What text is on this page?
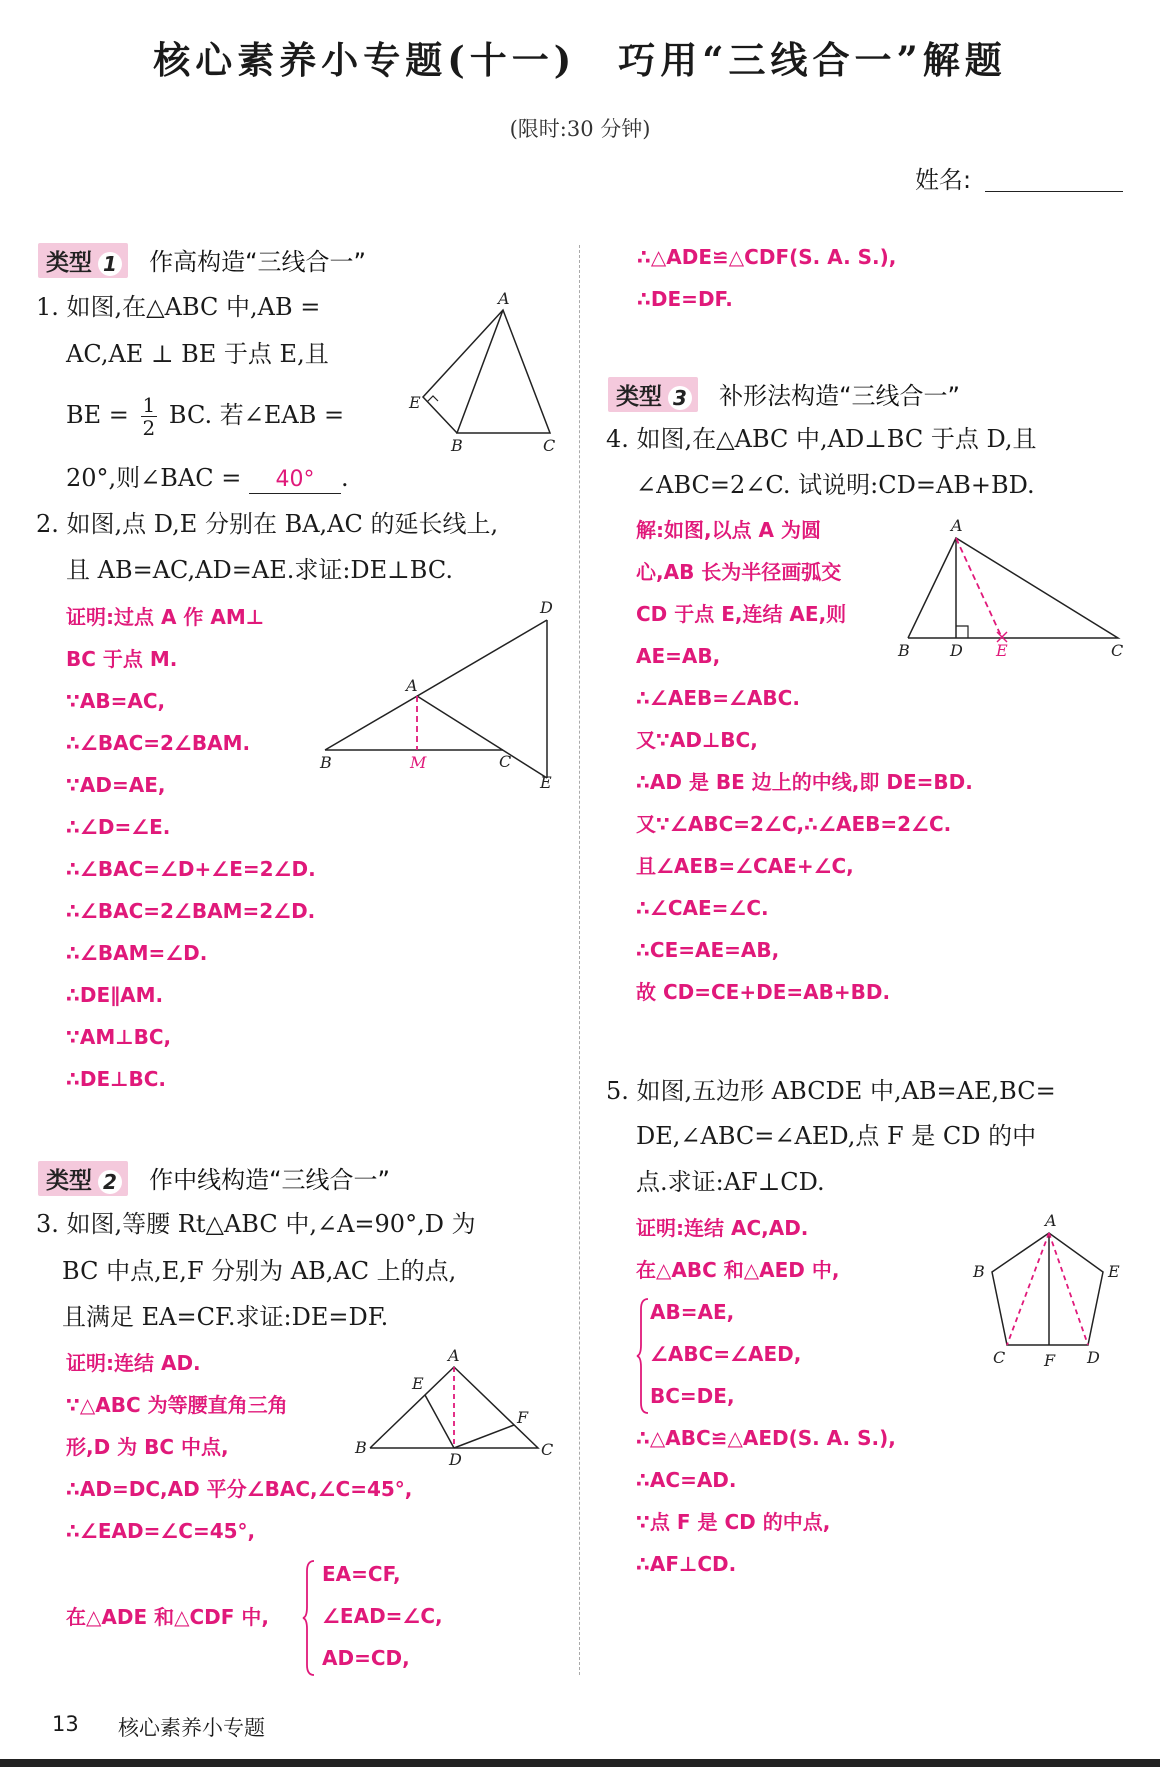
核心素养小专题(十一)　巧用“三线合一”解题
(限时:30 分钟)
姓名:
类型 1 作高构造“三线合一”
1. 如图,在△ABC 中,AB =
AC,AE ⊥ BE 于点 E,且
BE = $\frac{1}{2}$ BC. 若∠EAB =
20°,则∠BAC = 40° .
A
E
B	C
2. 如图,点 D,E 分别在 BA,AC 的延长线上,
且 AB=AC,AD=AE.求证:DE⊥BC.
证明:过点 A 作 AM⊥
BC 于点 M.
∵AB=AC,
∴∠BAC=2∠BAM.
∵AD=AE,
∴∠D=∠E.
∴∠BAC=∠D+∠E=2∠D.
∴∠BAC=2∠BAM=2∠D.
∴∠BAM=∠D.
∴DE∥AM.
∵AM⊥BC,
∴DE⊥BC.
D
A
B	M	C
E
类型 2 作中线构造“三线合一”
3. 如图,等腰 Rt△ABC 中,∠A=90°,D 为
BC 中点,E,F 分别为 AB,AC 上的点,
且满足 EA=CF.求证:DE=DF.
证明:连结 AD.
∵△ABC 为等腰直角三角
形,D 为 BC 中点,
∴AD=DC,AD 平分∠BAC,∠C=45°,
∴∠EAD=∠C=45°,
在△ADE 和△CDF 中,
EA=CF,
∠EAD=∠C,
AD=CD,
A
E
F
B
D
C
∴△ADE≌△CDF(S. A. S.),
∴DE=DF.
类型 3 补形法构造“三线合一”
4. 如图,在△ABC 中,AD⊥BC 于点 D,且
∠ABC=2∠C. 试说明:CD=AB+BD.
解:如图,以点 A 为圆
心,AB 长为半径画弧交
CD 于点 E,连结 AE,则
AE=AB,
∴∠AEB=∠ABC.
又∵AD⊥BC,
∴AD 是 BE 边上的中线,即 DE=BD.
又∵∠ABC=2∠C,∴∠AEB=2∠C.
且∠AEB=∠CAE+∠C,
∴∠CAE=∠C.
∴CE=AE=AB,
故 CD=CE+DE=AB+BD.
A
B	D E	C
5. 如图,五边形 ABCDE 中,AB=AE,BC=
DE,∠ABC=∠AED,点 F 是 CD 的中
点.求证:AF⊥CD.
证明:连结 AC,AD.
在△ABC 和△AED 中,
AB=AE,
∠ABC=∠AED,
BC=DE,
∴△ABC≌△AED(S. A. S.),
∴AC=AD.
∵点 F 是 CD 的中点,
∴AF⊥CD.
A
B	E
C F D
13 核心素养小专题
